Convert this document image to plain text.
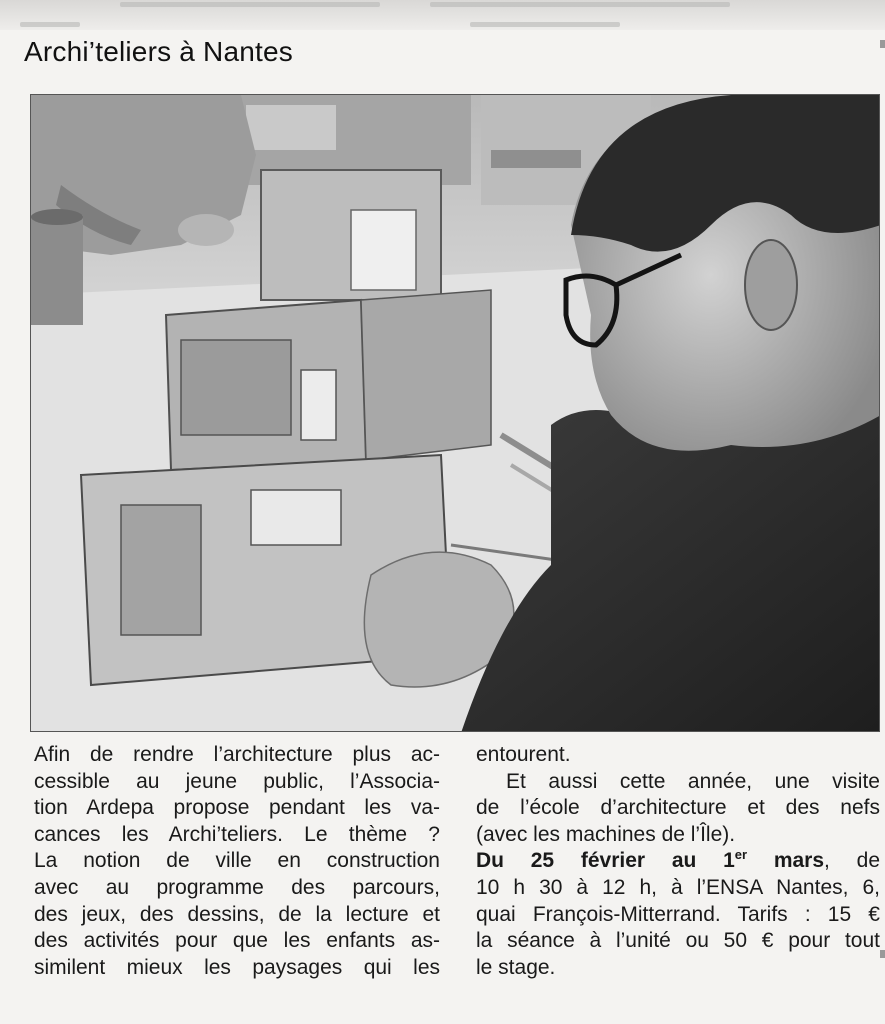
Archi’teliers à Nantes
Afin de rendre l’architecture plus ac-
cessible au jeune public, l’Associa-
tion Ardepa propose pendant les va-
cances les Archi’teliers. Le thème ?
La notion de ville en construction
avec au programme des parcours,
des jeux, des dessins, de la lecture et
des activités pour que les enfants as-
similent mieux les paysages qui les
entourent.
Et aussi cette année, une visite
de l’école d’architecture et des nefs
(avec les machines de l’Île).
Du 25 février au 1er mars, de
10 h 30 à 12 h, à l’ENSA Nantes, 6,
quai François-Mitterrand. Tarifs : 15 €
la séance à l’unité ou 50 € pour tout
le stage.
